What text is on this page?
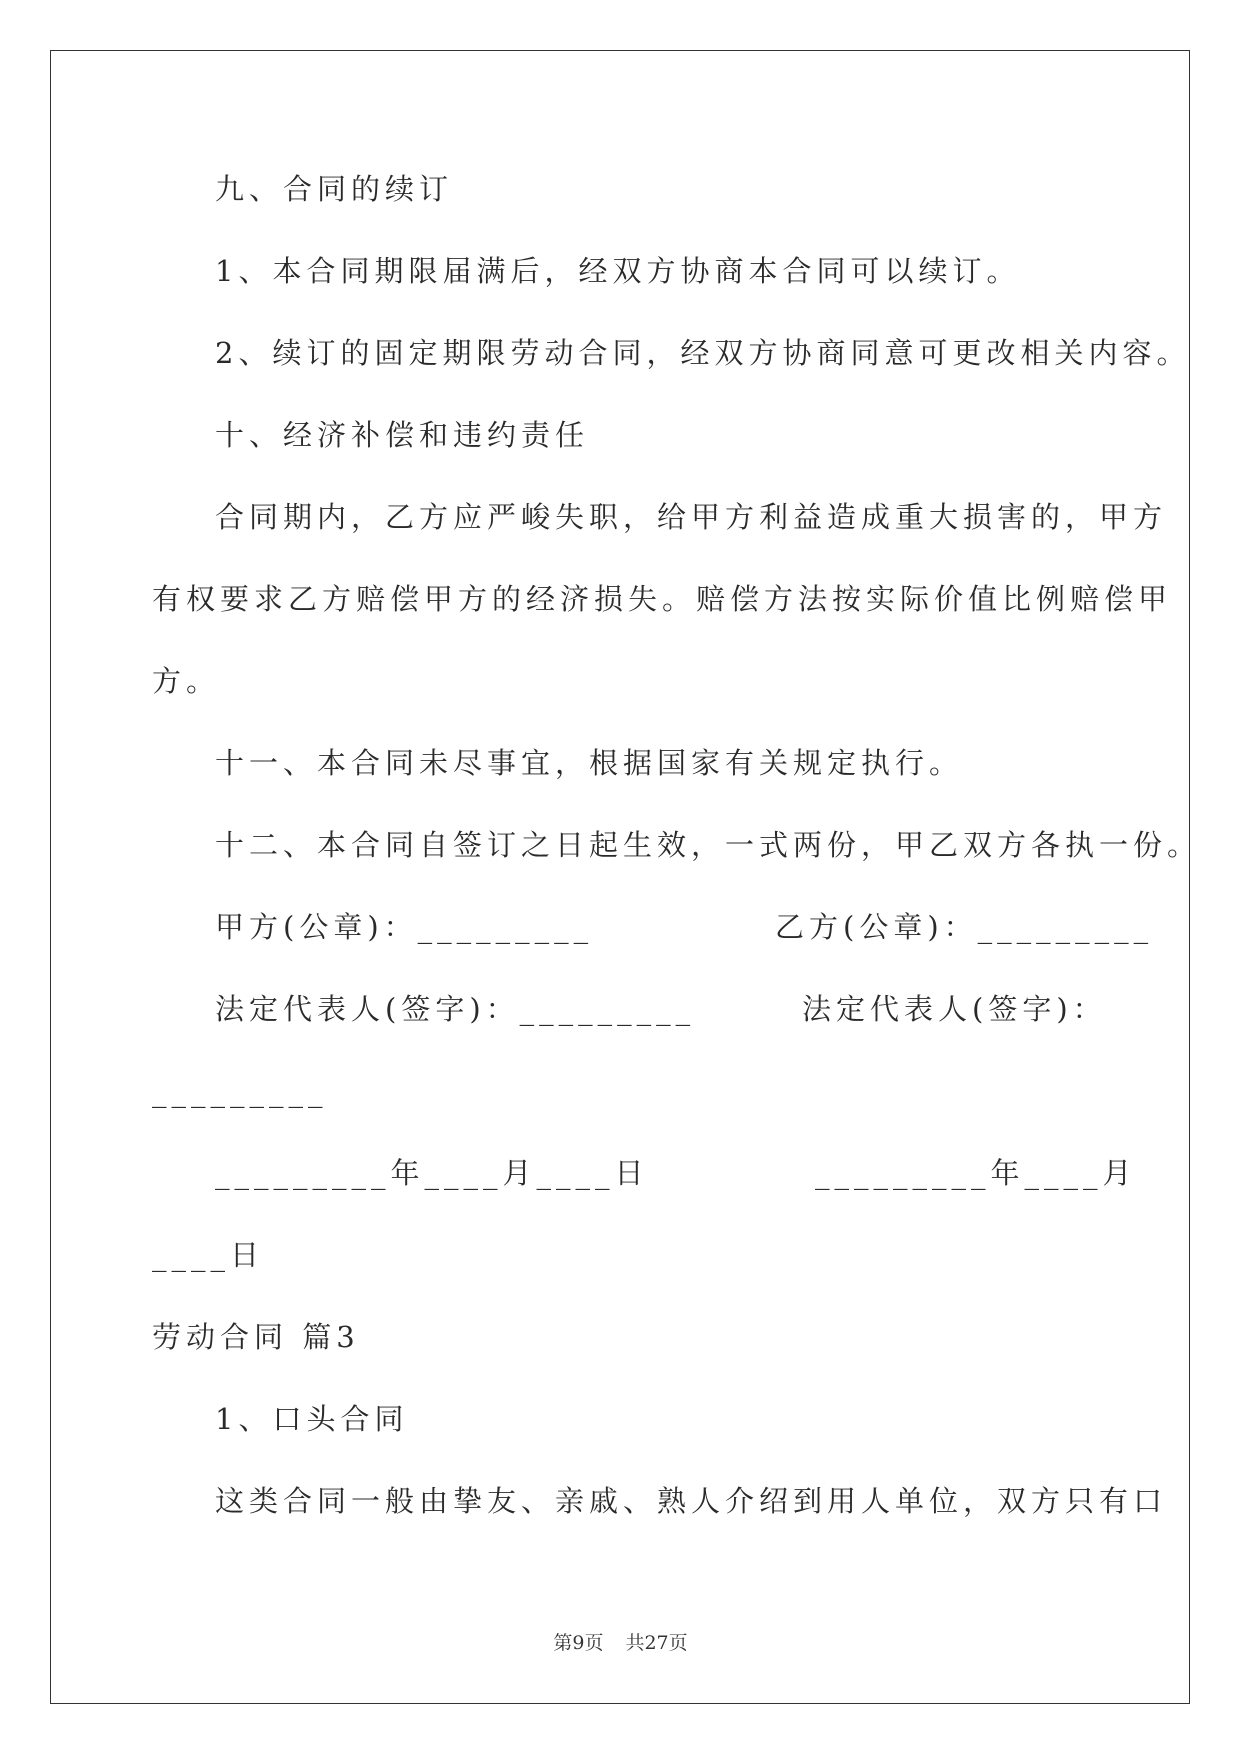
九、合同的续订
1、本合同期限届满后，经双方协商本合同可以续订。
2、续订的固定期限劳动合同，经双方协商同意可更改相关内容。
十、经济补偿和违约责任
合同期内，乙方应严峻失职，给甲方利益造成重大损害的，甲方
有权要求乙方赔偿甲方的经济损失。赔偿方法按实际价值比例赔偿甲
方。
十一、本合同未尽事宜，根据国家有关规定执行。
十二、本合同自签订之日起生效，一式两份，甲乙双方各执一份。
甲方(公章)：_________	乙方(公章)：_________
法定代表人(签字)：_________	法定代表人(签字)：
_________
_________年____月____日	_________年____月
____日
劳动合同 篇3
1、口头合同
这类合同一般由挚友、亲戚、熟人介绍到用人单位，双方只有口
第9页 共27页
